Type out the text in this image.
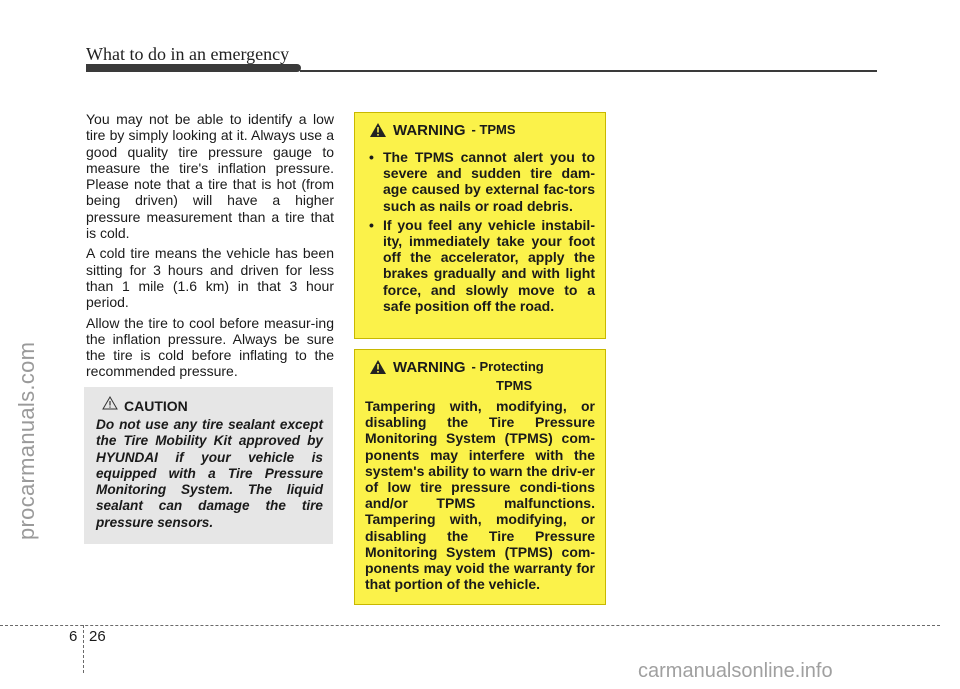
What to do in an emergency
procarmanuals.com

You may not be able to identify a low tire by simply looking at it. Always use a good quality tire pressure gauge to measure the tire's inflation pressure. Please note that a tire that is hot (from being driven) will have a higher pressure measurement than a tire that is cold.

A cold tire means the vehicle has been sitting for 3 hours and driven for less than 1 mile (1.6 km) in that 3 hour period.

Allow the tire to cool before measur-ing the inflation pressure. Always be sure the tire is cold before inflating to the recommended pressure.

CAUTION
Do not use any tire sealant except the Tire Mobility Kit approved by HYUNDAI if your vehicle is equipped with a Tire Pressure Monitoring System. The liquid sealant can damage the tire pressure sensors.
WARNING - TPMS
• The TPMS cannot alert you to severe and sudden tire dam-age caused by external fac-tors such as nails or road debris.
• If you feel any vehicle instabil-ity, immediately take your foot off the accelerator, apply the brakes gradually and with light force, and slowly move to a safe position off the road.
WARNING - Protecting
TPMS
Tampering with, modifying, or disabling the Tire Pressure Monitoring System (TPMS) com-ponents may interfere with the system's ability to warn the driv-er of low tire pressure condi-tions and/or TPMS malfunctions. Tampering with, modifying, or disabling the Tire Pressure Monitoring System (TPMS) com-ponents may void the warranty for that portion of the vehicle.
6 26
carmanualsonline.info
